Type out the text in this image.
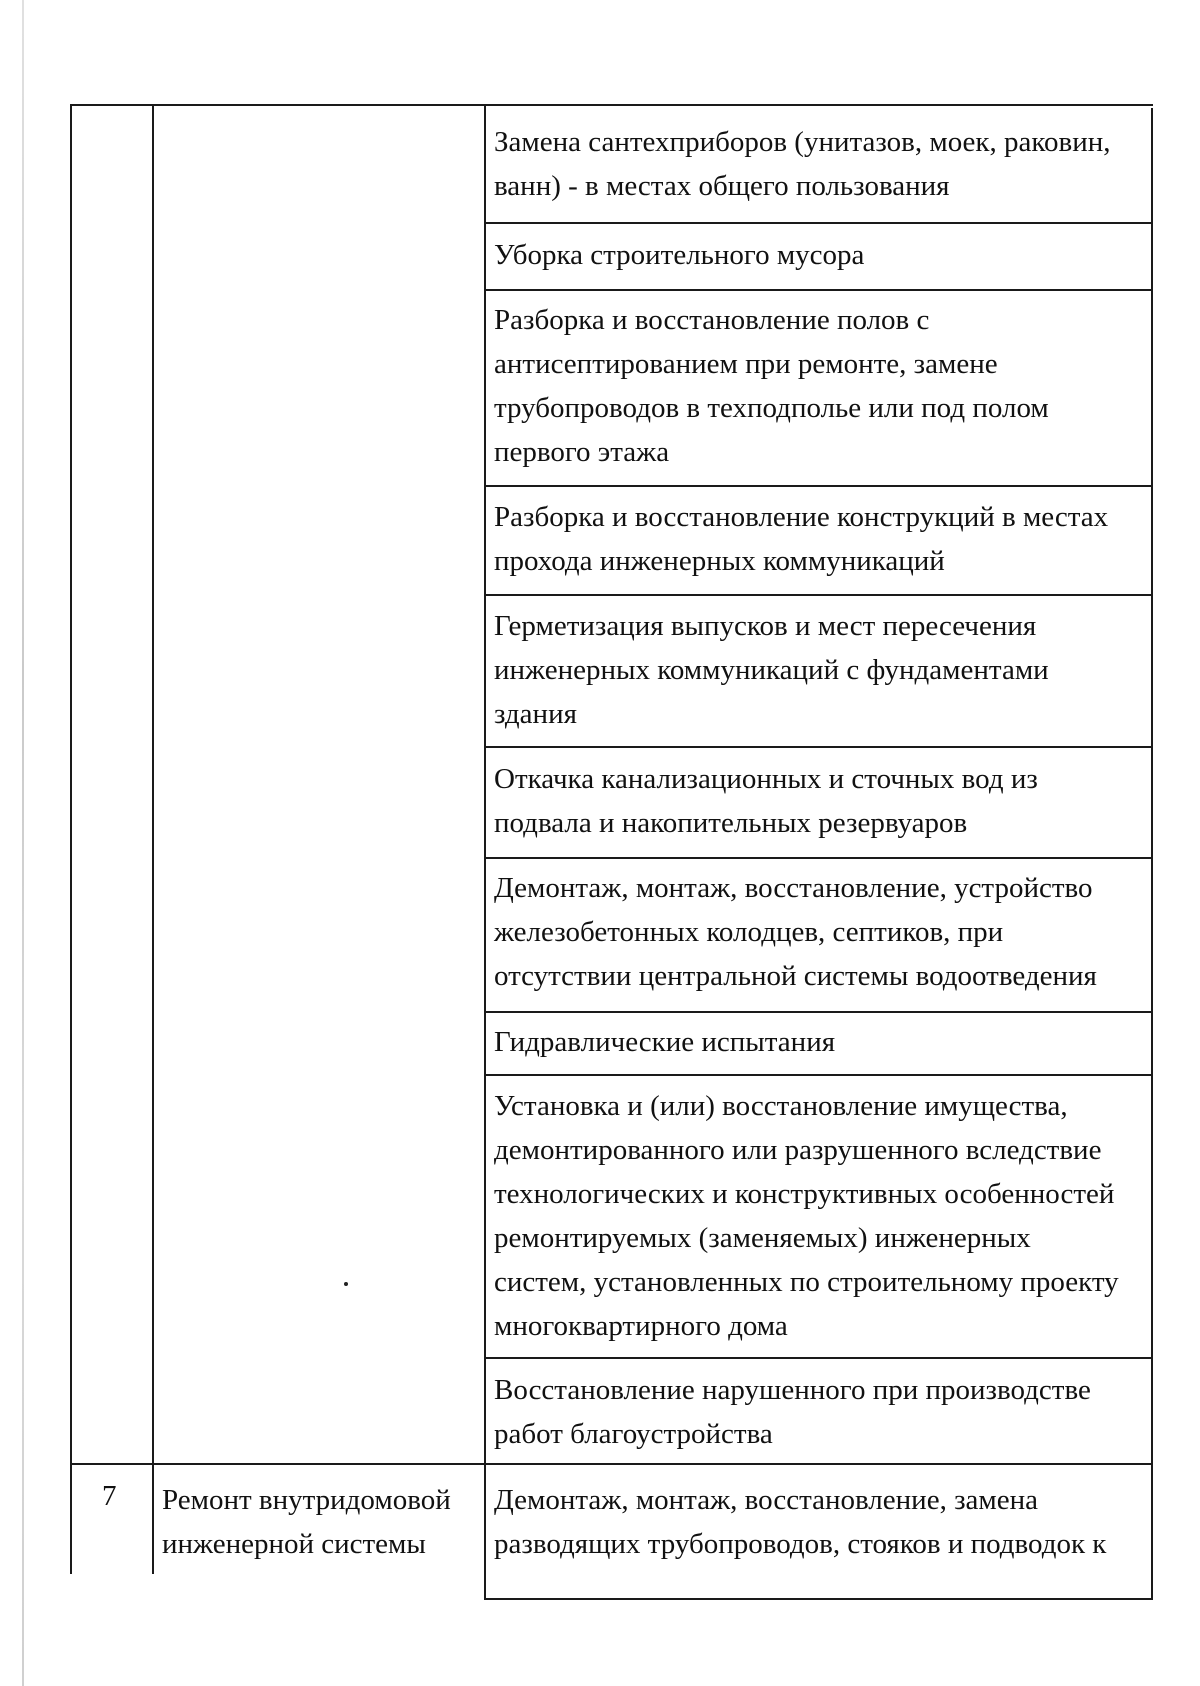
Замена сантехприборов (унитазов, моек, раковин,
ванн) - в местах общего пользования
Уборка строительного мусора
Разборка и восстановление полов с
антисептированием при ремонте, замене
трубопроводов в техподполье или под полом
первого этажа
Разборка и восстановление конструкций в местах
прохода инженерных коммуникаций
Герметизация выпусков и мест пересечения
инженерных коммуникаций с фундаментами
здания
Откачка канализационных и сточных вод из
подвала и накопительных резервуаров
Демонтаж, монтаж, восстановление, устройство
железобетонных колодцев, септиков, при
отсутствии центральной системы водоотведения
Гидравлические испытания
Установка и (или) восстановление имущества,
демонтированного или разрушенного вследствие
технологических и конструктивных особенностей
ремонтируемых (заменяемых) инженерных
систем, установленных по строительному проекту
многоквартирного дома
Восстановление нарушенного при производстве
работ благоустройства
7 Ремонт внутридомовой
инженерной системы
Демонтаж, монтаж, восстановление, замена
разводящих трубопроводов, стояков и подводок к
